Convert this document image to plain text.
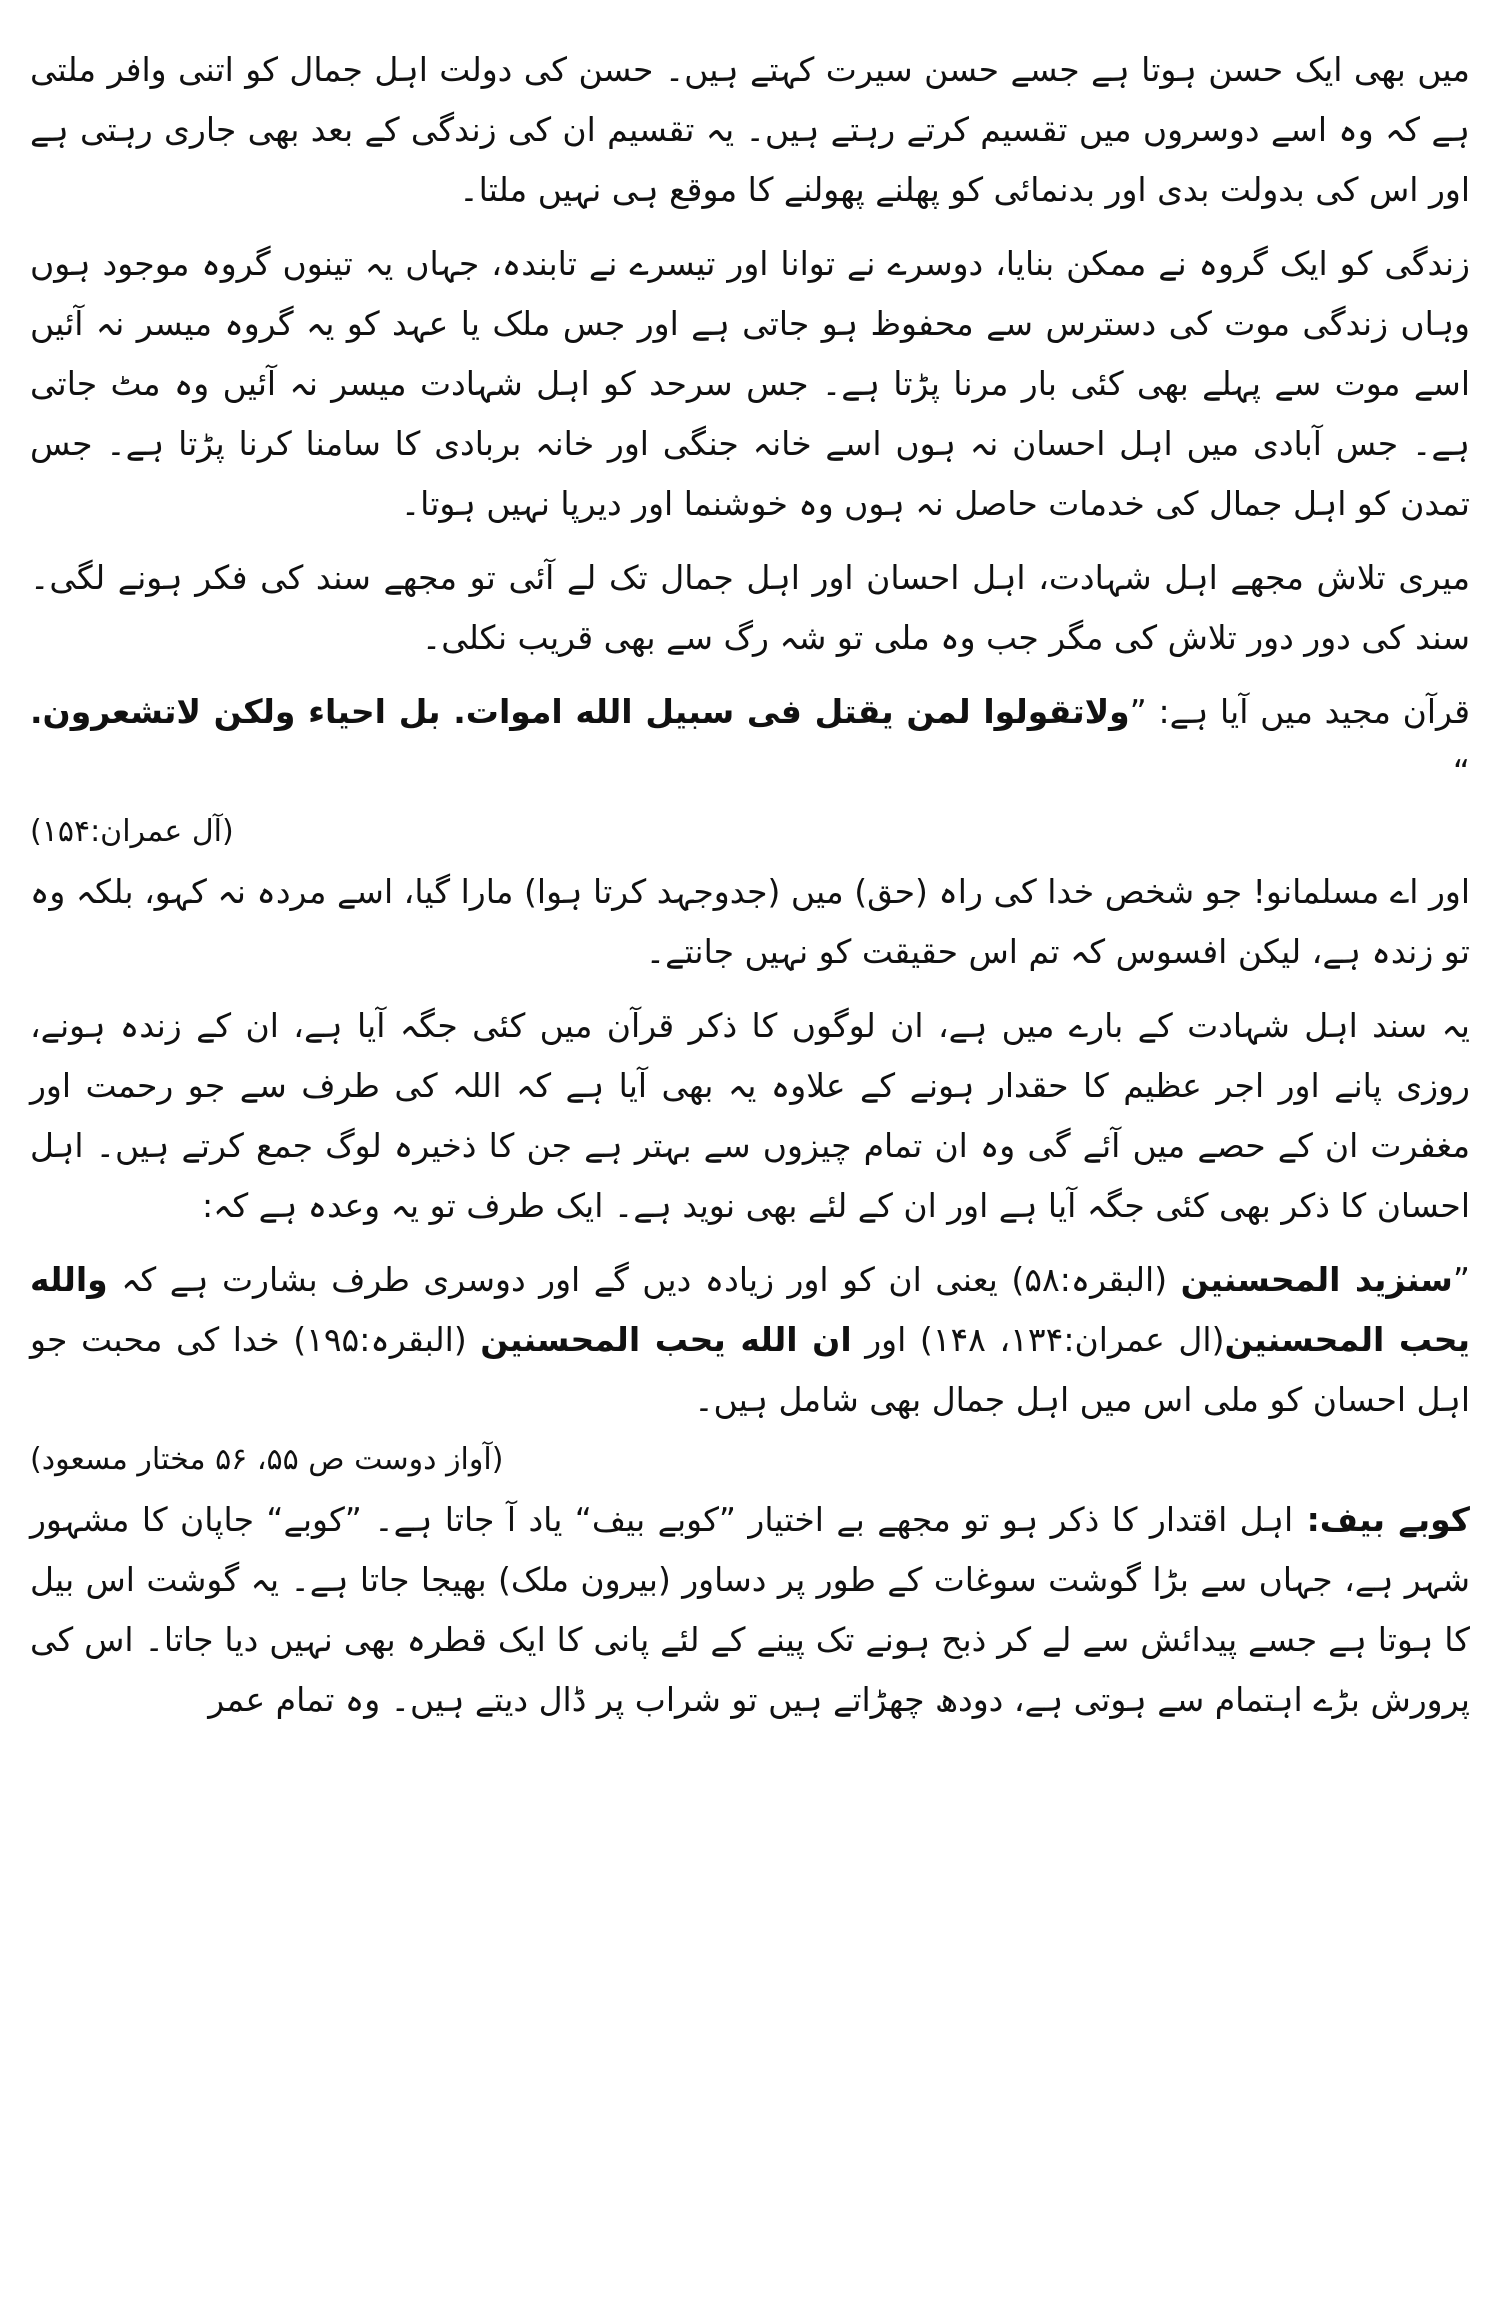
میں بھی ایک حسن ہوتا ہے جسے حسن سیرت کہتے ہیں۔ حسن کی دولت اہل جمال کو اتنی وافر ملتی ہے کہ وہ اسے دوسروں میں تقسیم کرتے رہتے ہیں۔ یہ تقسیم ان کی زندگی کے بعد بھی جاری رہتی ہے اور اس کی بدولت بدی اور بدنمائی کو پھلنے پھولنے کا موقع ہی نہیں ملتا۔

زندگی کو ایک گروہ نے ممکن بنایا، دوسرے نے توانا اور تیسرے نے تابندہ، جہاں یہ تینوں گروہ موجود ہوں وہاں زندگی موت کی دسترس سے محفوظ ہو جاتی ہے اور جس ملک یا عہد کو یہ گروہ میسر نہ آئیں اسے موت سے پہلے بھی کئی بار مرنا پڑتا ہے۔ جس سرحد کو اہل شہادت میسر نہ آئیں وہ مٹ جاتی ہے۔ جس آبادی میں اہل احسان نہ ہوں اسے خانہ جنگی اور خانہ بربادی کا سامنا کرنا پڑتا ہے۔ جس تمدن کو اہل جمال کی خدمات حاصل نہ ہوں وہ خوشنما اور دیرپا نہیں ہوتا۔

میری تلاش مجھے اہل شہادت، اہل احسان اور اہل جمال تک لے آئی تو مجھے سند کی فکر ہونے لگی۔ سند کی دور دور تلاش کی مگر جب وہ ملی تو شہ رگ سے بھی قریب نکلی۔

قرآن مجید میں آیا ہے: ”ولاتقولوا لمن یقتل فی سبیل الله اموات. بل احیاء ولکن لاتشعرون. “

(آل عمران:۱۵۴)

اور اے مسلمانو! جو شخص خدا کی راہ (حق) میں (جدوجہد کرتا ہوا) مارا گیا، اسے مردہ نہ کہو، بلکہ وہ تو زندہ ہے، لیکن افسوس کہ تم اس حقیقت کو نہیں جانتے۔

یہ سند اہل شہادت کے بارے میں ہے، ان لوگوں کا ذکر قرآن میں کئی جگہ آیا ہے، ان کے زندہ ہونے، روزی پانے اور اجر عظیم کا حقدار ہونے کے علاوہ یہ بھی آیا ہے کہ اللہ کی طرف سے جو رحمت اور مغفرت ان کے حصے میں آئے گی وہ ان تمام چیزوں سے بہتر ہے جن کا ذخیرہ لوگ جمع کرتے ہیں۔ اہل احسان کا ذکر بھی کئی جگہ آیا ہے اور ان کے لئے بھی نوید ہے۔ ایک طرف تو یہ وعدہ ہے کہ:

”سنزید المحسنین (البقرہ:۵۸) یعنی ان کو اور زیادہ دیں گے اور دوسری طرف بشارت ہے کہ والله یحب المحسنین(ال عمران:۱۳۴، ۱۴۸) اور ان الله یحب المحسنین (البقرہ:۱۹۵) خدا کی محبت جو اہل احسان کو ملی اس میں اہل جمال بھی شامل ہیں۔

(آواز دوست ص ۵۵، ۵۶ مختار مسعود)

کوبے بیف: اہل اقتدار کا ذکر ہو تو مجھے بے اختیار ”کوبے بیف“ یاد آ جاتا ہے۔ ”کوبے“ جاپان کا مشہور شہر ہے، جہاں سے بڑا گوشت سوغات کے طور پر دساور (بیرون ملک) بھیجا جاتا ہے۔ یہ گوشت اس بیل کا ہوتا ہے جسے پیدائش سے لے کر ذبح ہونے تک پینے کے لئے پانی کا ایک قطرہ بھی نہیں دیا جاتا۔ اس کی پرورش بڑے اہتمام سے ہوتی ہے، دودھ چھڑاتے ہیں تو شراب پر ڈال دیتے ہیں۔ وہ تمام عمر
